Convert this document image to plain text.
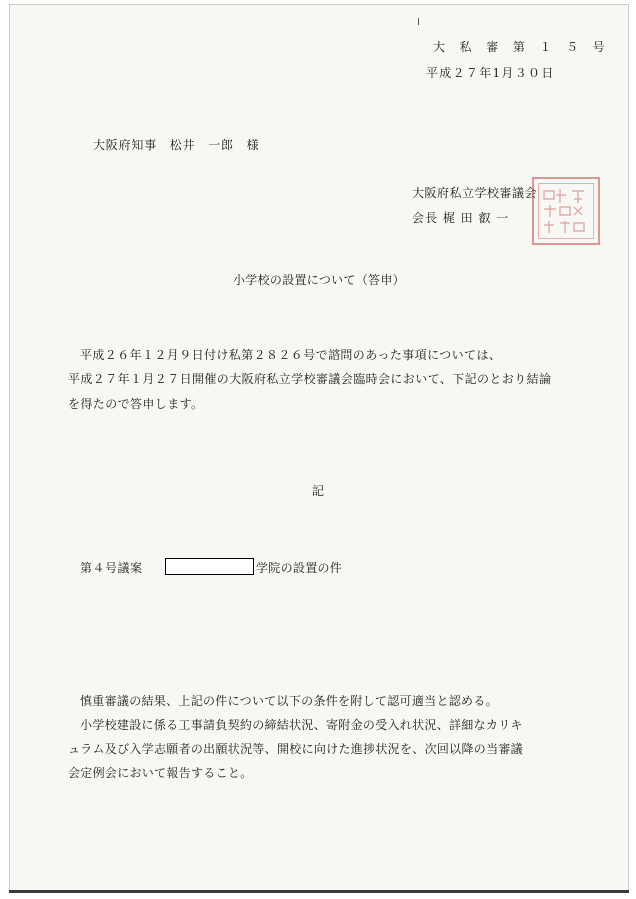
大 私 審 第 １ ５ 号
平成２７年1月３０日
大阪府知事　松井　一郎　様
大阪府私立学校審議会
会長 梶 田 叡 一
小学校の設置について（答申）
平成２６年１２月９日付け私第２８２６号で諮問のあった事項については、
平成２７年１月２７日開催の大阪府私立学校審議会臨時会において、下記のとおり結論
を得たので答申します。
記
第４号議案	学院の設置の件
慎重審議の結果、上記の件について以下の条件を附して認可適当と認める。
小学校建設に係る工事請負契約の締結状況、寄附金の受入れ状況、詳細なカリキ
ュラム及び入学志願者の出願状況等、開校に向けた進捗状況を、次回以降の当審議
会定例会において報告すること。
